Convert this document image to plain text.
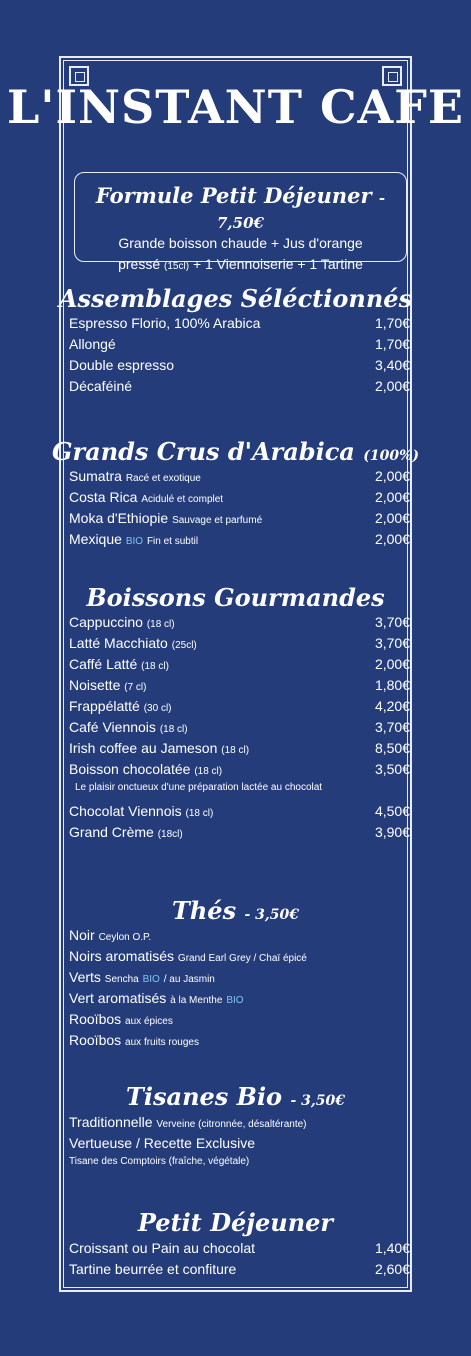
L'INSTANT CAFE
Formule Petit Déjeuner - 7,50€
Grande boisson chaude + Jus d'orange
pressé (15cl) + 1 Viennoiserie + 1 Tartine
Assemblages Séléctionnés
Espresso Florio, 100% Arabica	1,70€
Allongé	1,70€
Double espresso	3,40€
Décaféiné	2,00€
Grands Crus d'Arabica (100%)
Sumatra Racé et exotique	2,00€
Costa Rica Acidulé et complet	2,00€
Moka d'Ethiopie Sauvage et parfumé	2,00€
Mexique BIO Fin et subtil	2,00€
Boissons Gourmandes
Cappuccino (18 cl)	3,70€
Latté Macchiato (25cl)	3,70€
Caffé Latté (18 cl)	2,00€
Noisette (7 cl)	1,80€
Frappélatté (30 cl)	4,20€
Café Viennois (18 cl)	3,70€
Irish coffee au Jameson (18 cl)	8,50€
Boisson chocolatée (18 cl)	3,50€
Le plaisir onctueux d'une préparation lactée au chocolat
Chocolat Viennois (18 cl)	4,50€
Grand Crème (18cl)	3,90€
Thés - 3,50€
Noir Ceylon O.P.
Noirs aromatisés Grand Earl Grey / Chaï épicé
Verts Sencha BIO / au Jasmin
Vert aromatisés à la Menthe BIO
Rooïbos aux épices
Rooïbos aux fruits rouges
Tisanes Bio - 3,50€
Traditionnelle Verveine (citronnée, désaltérante)
Vertueuse / Recette Exclusive
Tisane des Comptoirs (fraîche, végétale)
Petit Déjeuner
Croissant ou Pain au chocolat	1,40€
Tartine beurrée et confiture	2,60€
